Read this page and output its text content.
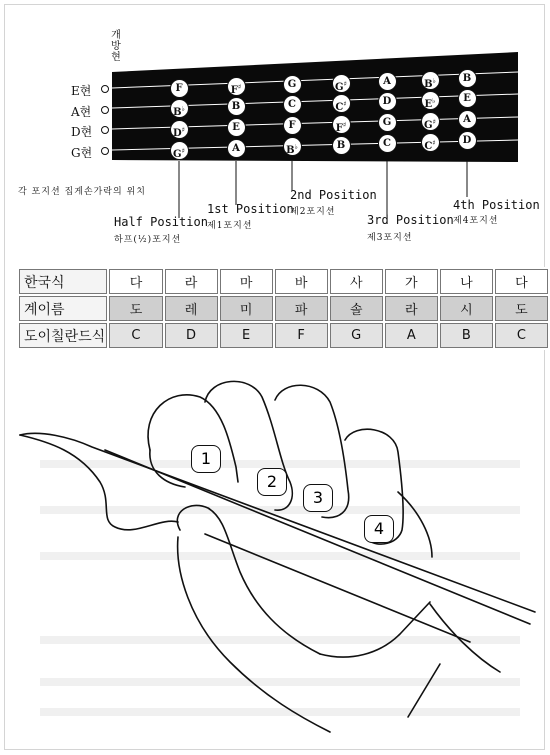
개방현
E현
A현
D현
G현
F	F♯	G	G♯	A	B♭	B
B♭	B	C	C♯	D	E♭	E
D♯	E	F	F♯	G	G♯	A
G♯	A	B♭	B	C	C♯	D
각 포지션 집게손가락의 위치
Half Position
하프(½)포지션
1st Position
제1포지션
2nd Position
제2포지션
3rd Position
제3포지션
4th Position
제4포지션
한국식	다	라	마	바	사	가	나	다
계이름	도	레	미	파	솔	라	시	도
도이칠란드식	C	D	E	F	G	A	B	C
1
2
3
4
